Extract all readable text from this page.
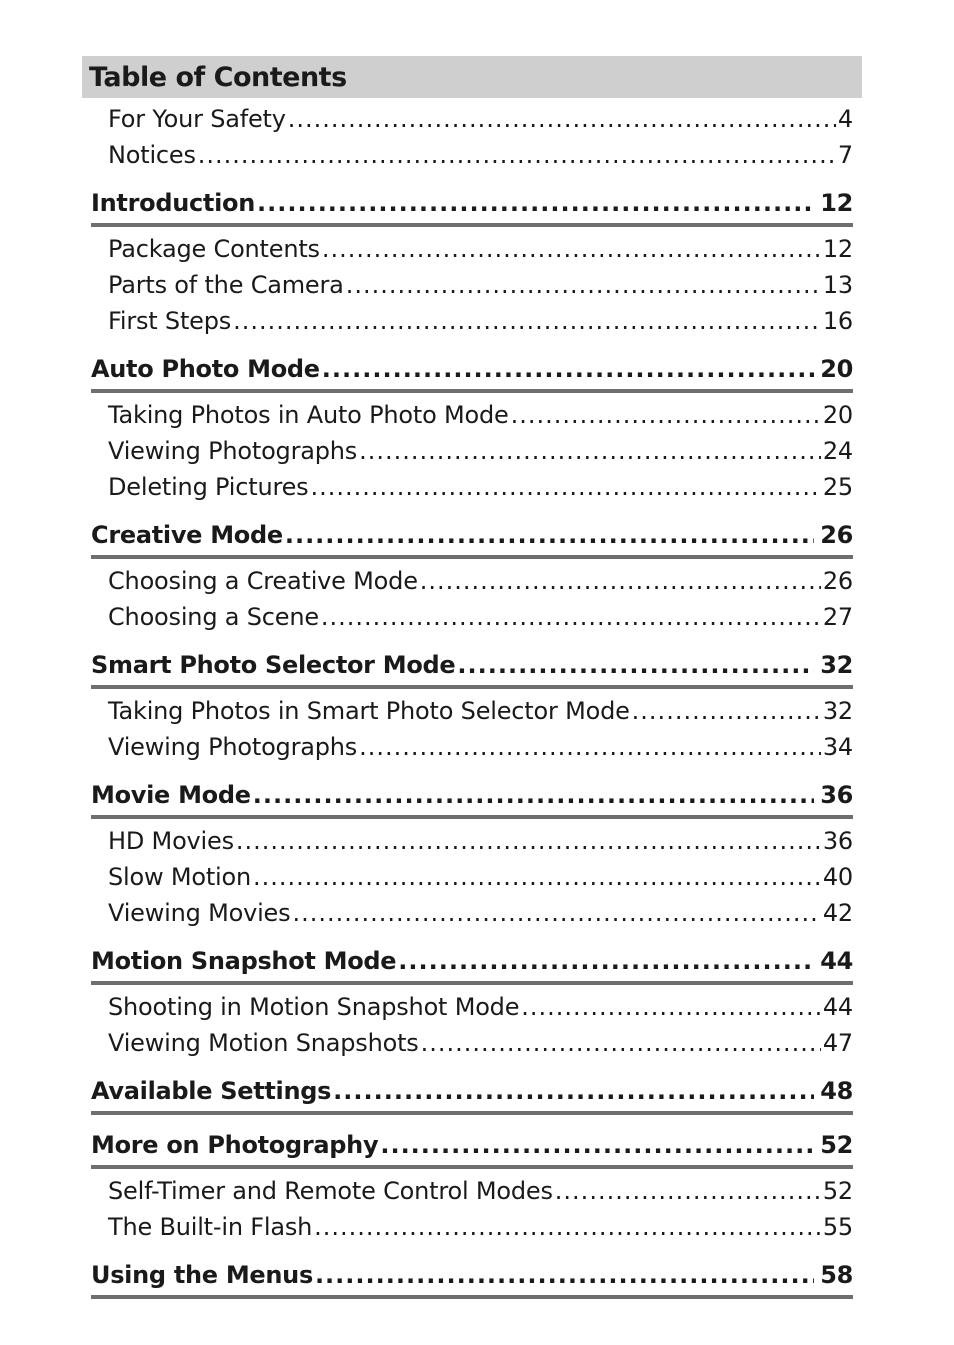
Table of Contents
For Your Safety .....	4
Notices .....	7
Introduction .....	12
Package Contents .....	12
Parts of the Camera .....	13
First Steps .....	16
Auto Photo Mode .....	20
Taking Photos in Auto Photo Mode .....	20
Viewing Photographs .....	24
Deleting Pictures .....	25
Creative Mode .....	26
Choosing a Creative Mode .....	26
Choosing a Scene .....	27
Smart Photo Selector Mode .....	32
Taking Photos in Smart Photo Selector Mode .....	32
Viewing Photographs .....	34
Movie Mode .....	36
HD Movies .....	36
Slow Motion .....	40
Viewing Movies .....	42
Motion Snapshot Mode .....	44
Shooting in Motion Snapshot Mode .....	44
Viewing Motion Snapshots .....	47
Available Settings .....	48
More on Photography .....	52
Self-Timer and Remote Control Modes .....	52
The Built-in Flash .....	55
Using the Menus .....	58
